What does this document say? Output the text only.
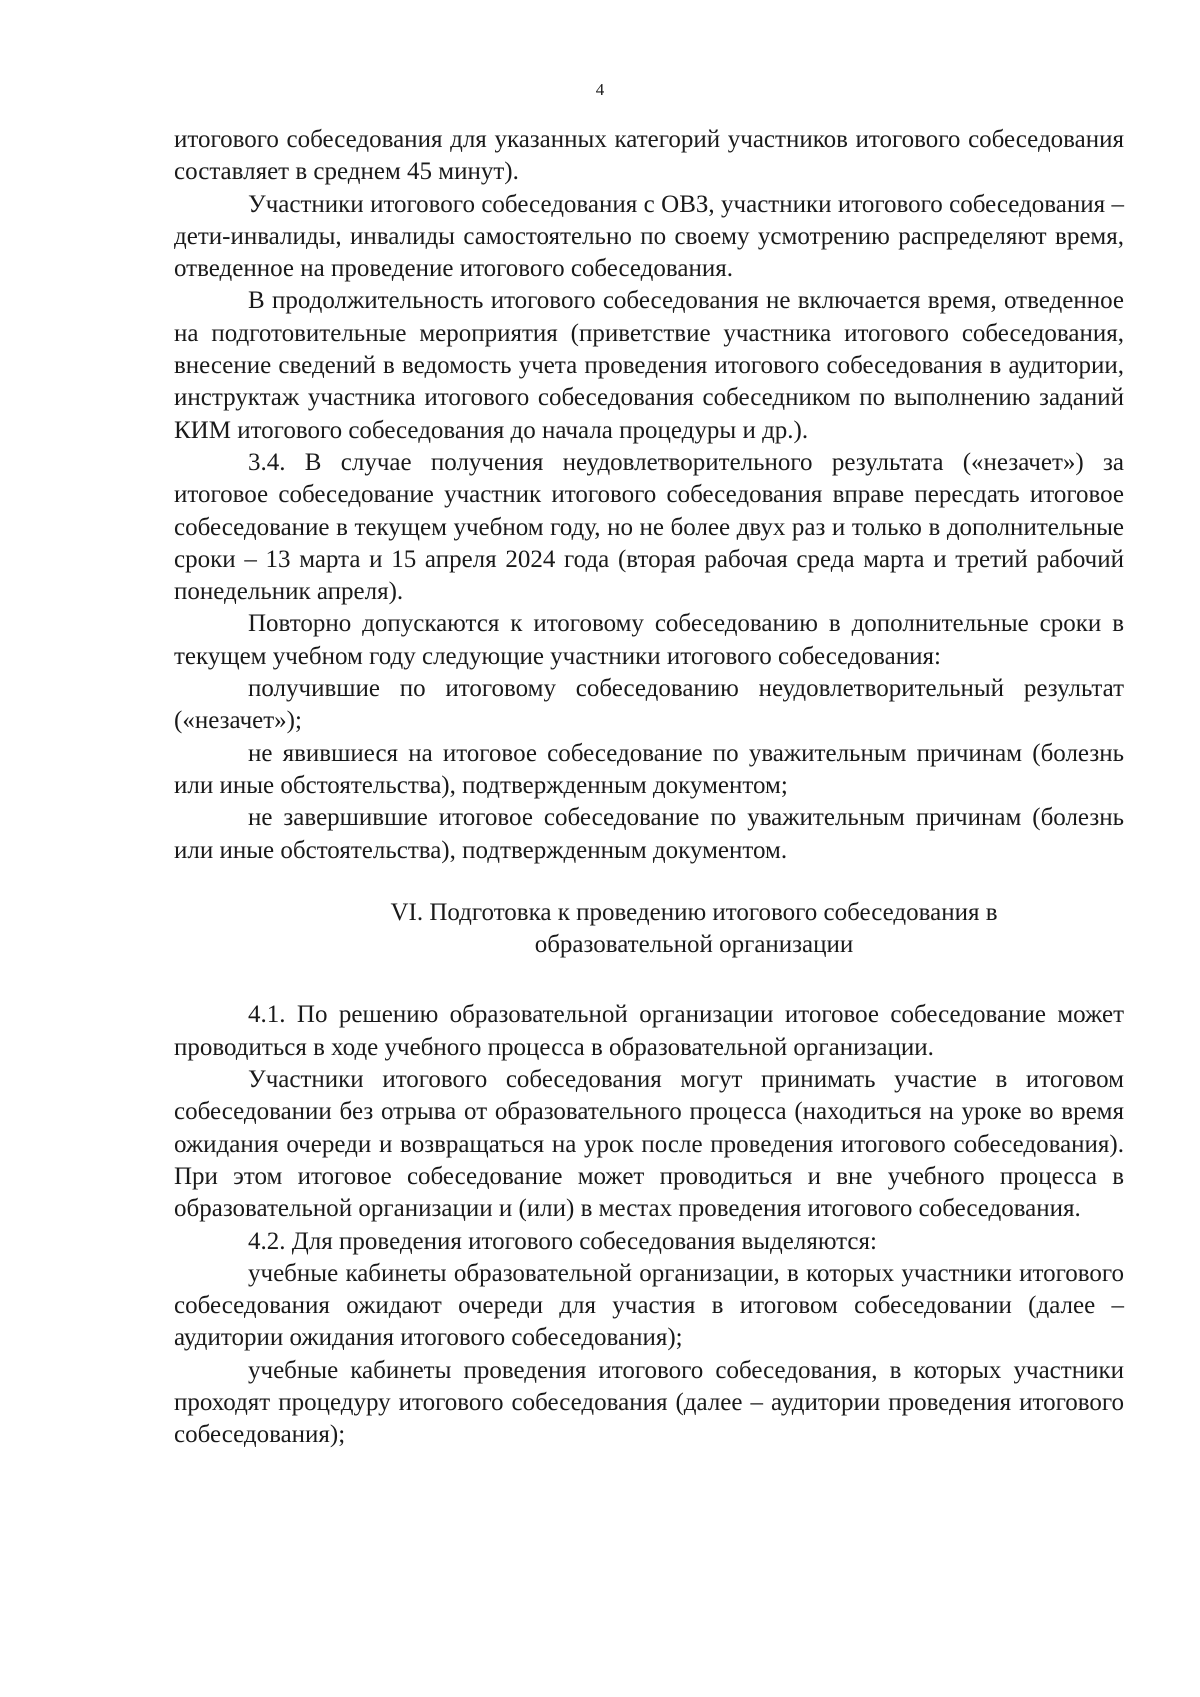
4

итогового собеседования для указанных категорий участников итогового собеседования составляет в среднем 45 минут).

Участники итогового собеседования с ОВЗ, участники итогового собеседования – дети-инвалиды, инвалиды самостоятельно по своему усмотрению распределяют время, отведенное на проведение итогового собеседования.

В продолжительность итогового собеседования не включается время, отведенное на подготовительные мероприятия (приветствие участника итогового собеседования, внесение сведений в ведомость учета проведения итогового собеседования в аудитории, инструктаж участника итогового собеседования собеседником по выполнению заданий КИМ итогового собеседования до начала процедуры и др.).

3.4. В случае получения неудовлетворительного результата («незачет») за итоговое собеседование участник итогового собеседования вправе пересдать итоговое собеседование в текущем учебном году, но не более двух раз и только в дополнительные сроки – 13 марта и 15 апреля 2024 года (вторая рабочая среда марта и третий рабочий понедельник апреля).

Повторно допускаются к итоговому собеседованию в дополнительные сроки в текущем учебном году следующие участники итогового собеседования:

получившие по итоговому собеседованию неудовлетворительный результат («незачет»);

не явившиеся на итоговое собеседование по уважительным причинам (болезнь или иные обстоятельства), подтвержденным документом;

не завершившие итоговое собеседование по уважительным причинам (болезнь или иные обстоятельства), подтвержденным документом.

VI. Подготовка к проведению итогового собеседования в
образовательной организации

4.1. По решению образовательной организации итоговое собеседование может проводиться в ходе учебного процесса в образовательной организации.

Участники итогового собеседования могут принимать участие в итоговом собеседовании без отрыва от образовательного процесса (находиться на уроке во время ожидания очереди и возвращаться на урок после проведения итогового собеседования). При этом итоговое собеседование может проводиться и вне учебного процесса в образовательной организации и (или) в местах проведения итогового собеседования.

4.2. Для проведения итогового собеседования выделяются:

учебные кабинеты образовательной организации, в которых участники итогового собеседования ожидают очереди для участия в итоговом собеседовании (далее – аудитории ожидания итогового собеседования);

учебные кабинеты проведения итогового собеседования, в которых участники проходят процедуру итогового собеседования (далее – аудитории проведения итогового собеседования);
